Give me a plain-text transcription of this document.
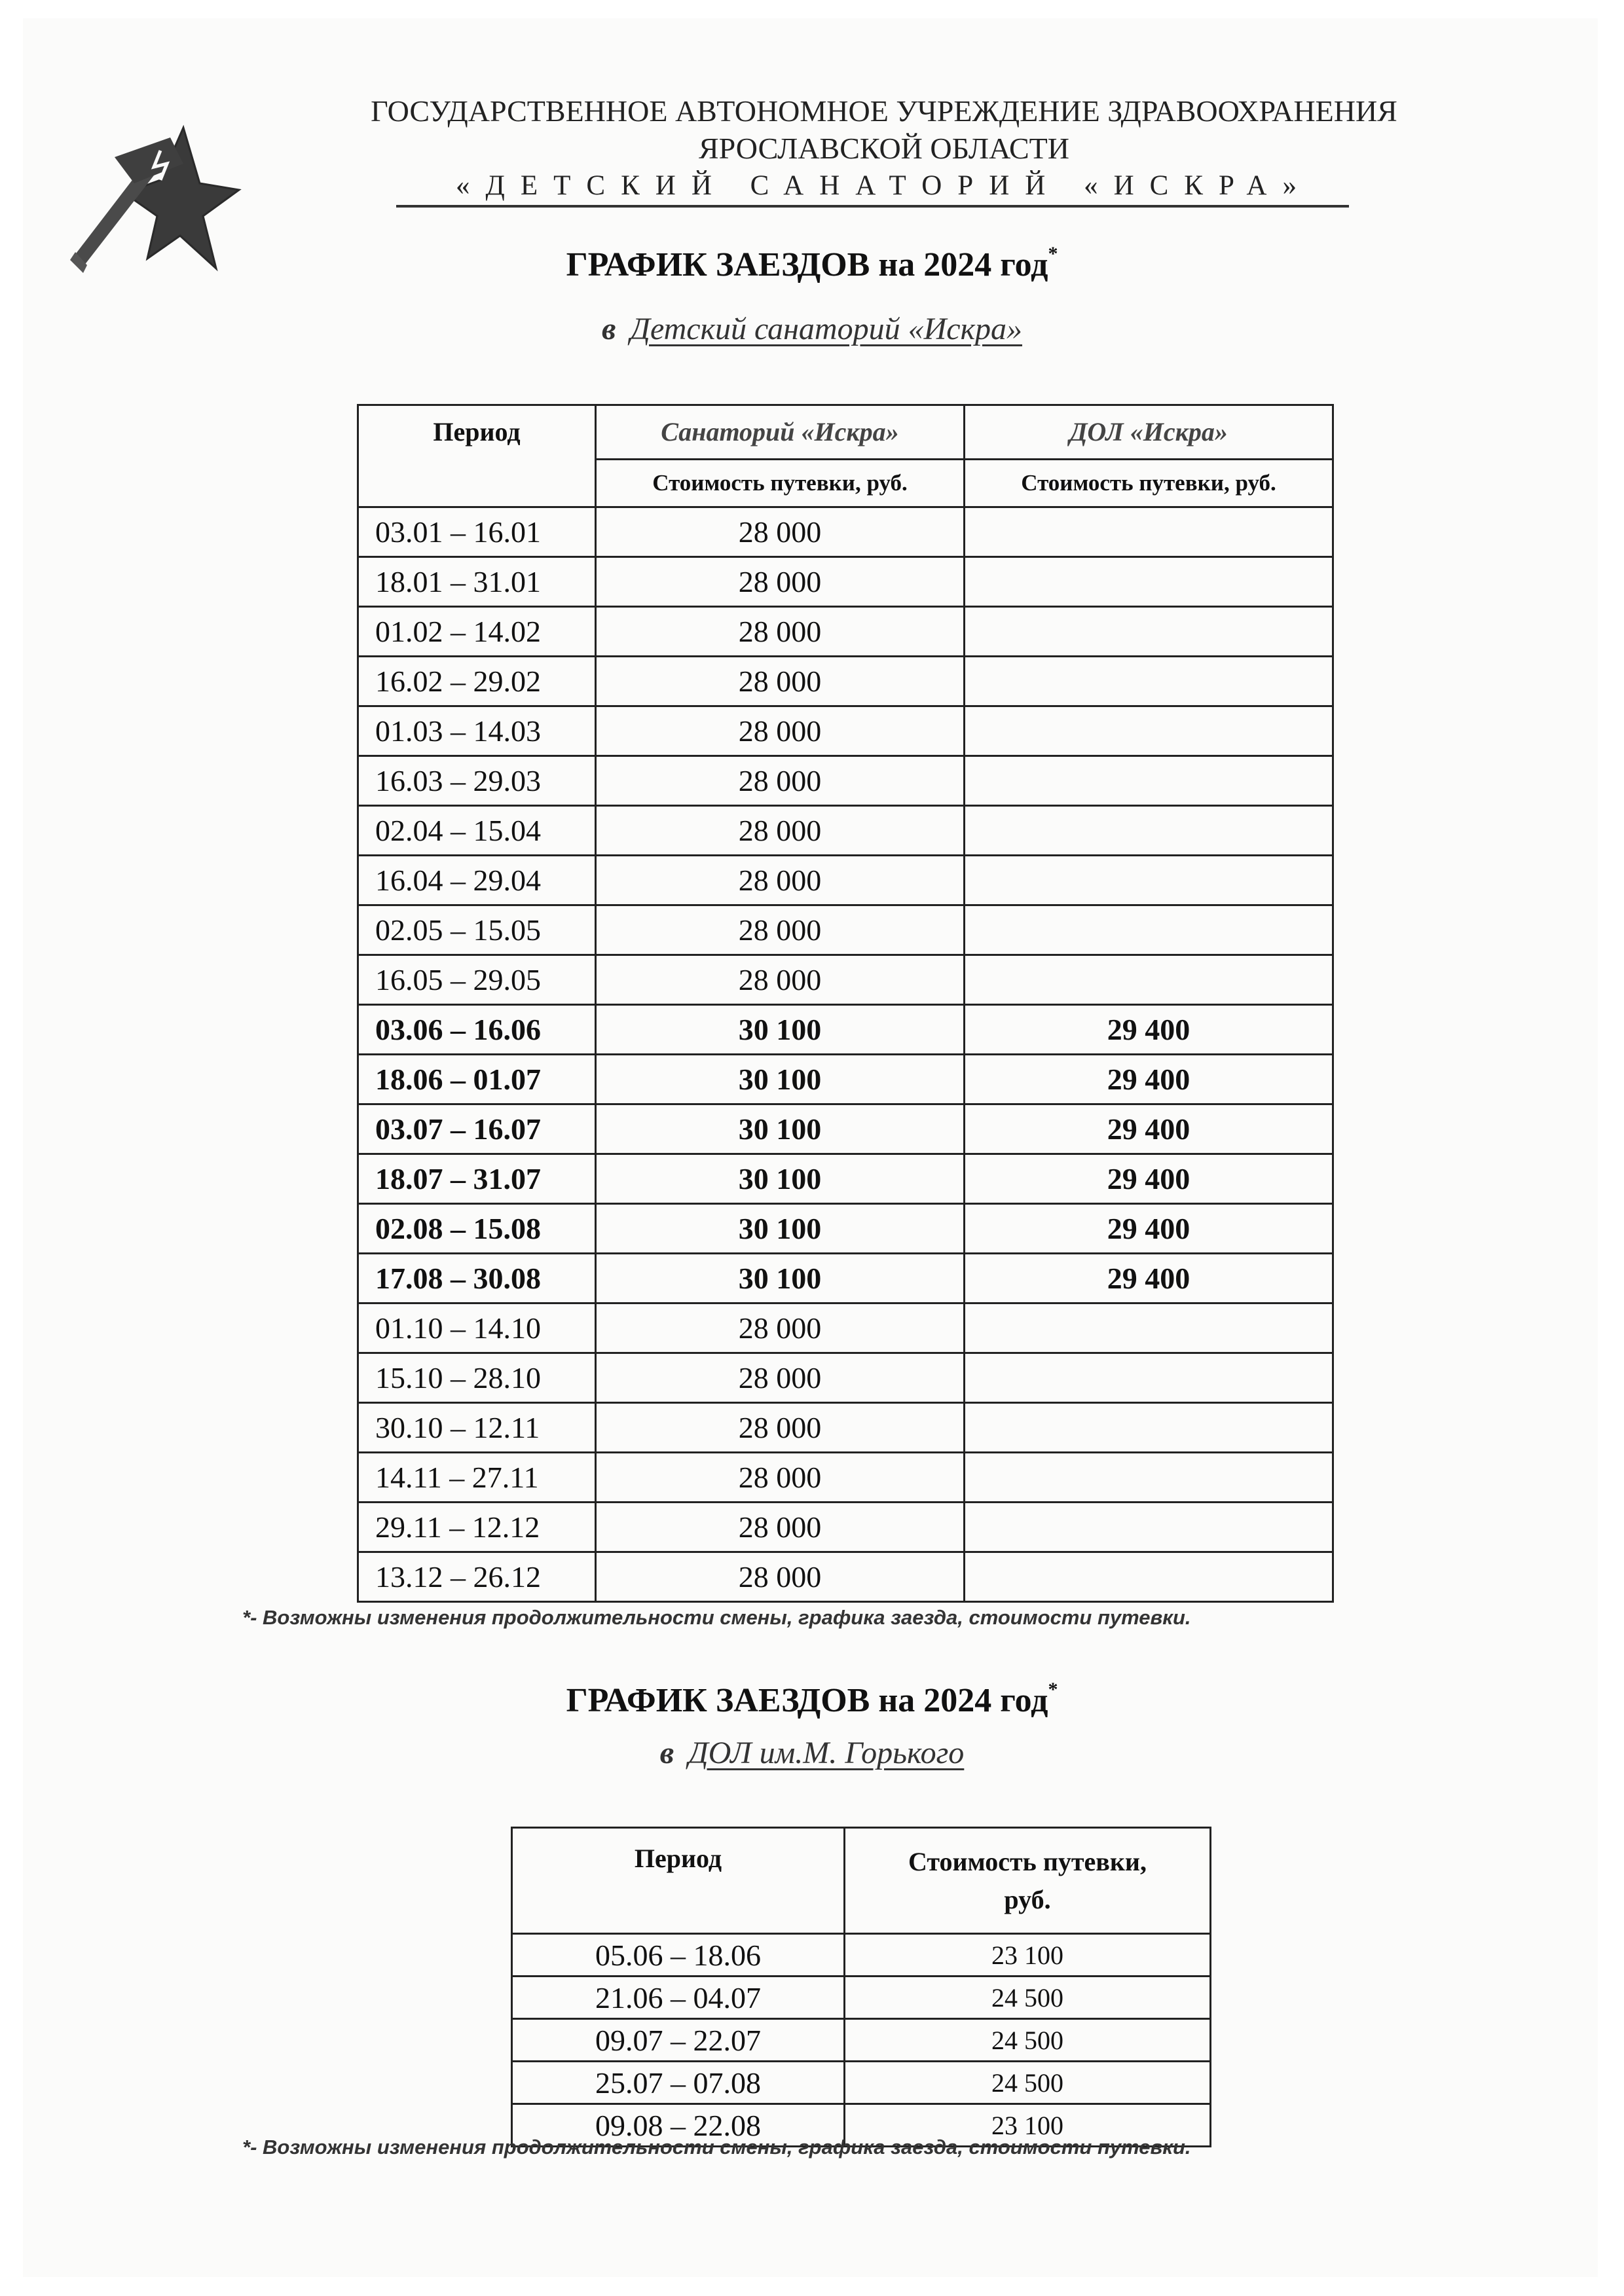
ГОСУДАРСТВЕННОЕ АВТОНОМНОЕ УЧРЕЖДЕНИЕ ЗДРАВООХРАНЕНИЯ
ЯРОСЛАВСКОЙ ОБЛАСТИ
«ДЕТСКИЙ САНАТОРИЙ «ИСКРА»
ГРАФИК ЗАЕЗДОВ на 2024 год*
в Детский санаторий «Искра»
Период	Санаторий «Искра»	ДОЛ «Искра»
	Стоимость путевки, руб.	Стоимость путевки, руб.
03.01 – 16.01	28 000	
18.01 – 31.01	28 000	
01.02 – 14.02	28 000	
16.02 – 29.02	28 000	
01.03 – 14.03	28 000	
16.03 – 29.03	28 000	
02.04 – 15.04	28 000	
16.04 – 29.04	28 000	
02.05 – 15.05	28 000	
16.05 – 29.05	28 000	
03.06 – 16.06	30 100	29 400
18.06 – 01.07	30 100	29 400
03.07 – 16.07	30 100	29 400
18.07 – 31.07	30 100	29 400
02.08 – 15.08	30 100	29 400
17.08 – 30.08	30 100	29 400
01.10 – 14.10	28 000	
15.10 – 28.10	28 000	
30.10 – 12.11	28 000	
14.11 – 27.11	28 000	
29.11 – 12.12	28 000	
13.12 – 26.12	28 000	
*- Возможны изменения продолжительности смены, графика заезда, стоимости путевки.
ГРАФИК ЗАЕЗДОВ на 2024 год*
в ДОЛ им.М. Горького
Период	Стоимость путевки,
руб.
05.06 – 18.06	23 100
21.06 – 04.07	24 500
09.07 – 22.07	24 500
25.07 – 07.08	24 500
09.08 – 22.08	23 100
*- Возможны изменения продолжительности смены, графика заезда, стоимости путевки.
